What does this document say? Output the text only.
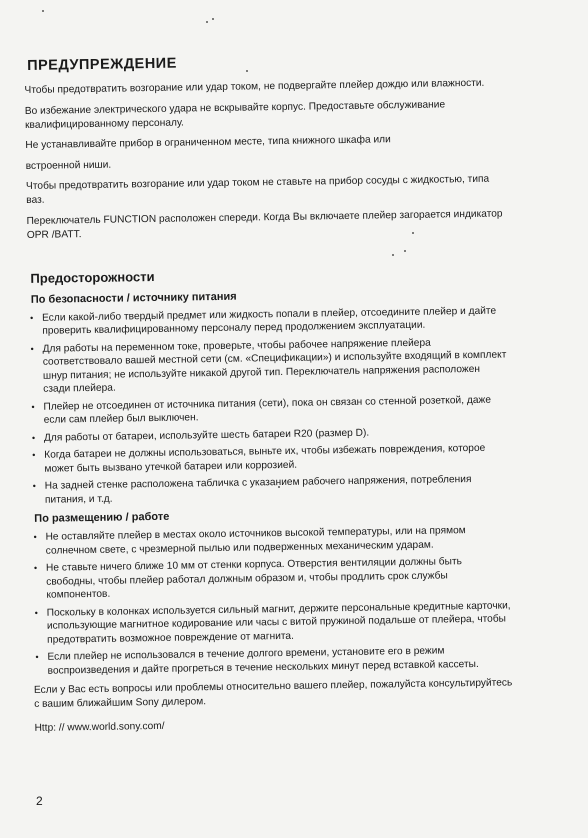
ПРЕДУПРЕЖДЕНИЕ
Чтобы предотвратить возгорание или удар током, не подвергайте плейер дождю или влажности.
Во избежание электрического удара не вскрывайте корпус. Предоставьте обслуживание квалифицированному персоналу.
Не устанавливайте прибор в ограниченном месте, типа книжного шкафа или
встроенной ниши.
Чтобы предотвратить возгорание или удар током не ставьте на прибор сосуды с жидкостью, типа ваз.
Переключатель FUNCTION расположен спереди. Когда Вы включаете плейер загорается индикатор OPR /BATT.
Предосторожности
По безопасности / источнику питания
• Если какой-либо твердый предмет или жидкость попали в плейер, отсоедините плейер и дайте проверить квалифицированному персоналу перед продолжением эксплуатации.
• Для работы на переменном токе, проверьте, чтобы рабочее напряжение плейера соответствовало вашей местной сети (см. «Спецификации») и используйте входящий в комплект шнур питания; не используйте никакой другой тип. Переключатель напряжения расположен сзади плейера.
• Плейер не отсоединен от источника питания (сети), пока он связан со стенной розеткой, даже если сам плейер был выключен.
• Для работы от батареи, используйте шесть батареи R20 (размер D).
• Когда батареи не должны использоваться, выньте их, чтобы избежать повреждения, которое может быть вызвано утечкой батареи или коррозией.
• На задней стенке расположена табличка с указанием рабочего напряжения, потребления питания, и т.д.
По размещению / работе
• Не оставляйте плейер в местах около источников высокой температуры, или на прямом солнечном свете, с чрезмерной пылью или подверженных механическим ударам.
• Не ставьте ничего ближе 10 мм от стенки корпуса. Отверстия вентиляции должны быть свободны, чтобы плейер работал должным образом и, чтобы продлить срок службы компонентов.
• Поскольку в колонках используется сильный магнит, держите персональные кредитные карточки, использующие магнитное кодирование или часы с витой пружиной подальше от плейера, чтобы предотвратить возможное повреждение от магнита.
• Если плейер не использовался в течение долгого времени, установите его в режим воспроизведения и дайте прогреться в течение нескольких минут перед вставкой кассеты.
Если у Вас есть вопросы или проблемы относительно вашего плейер, пожалуйста консультируйтесь с вашим ближайшим Sony дилером.
Http: // www.world.sony.com/
2
